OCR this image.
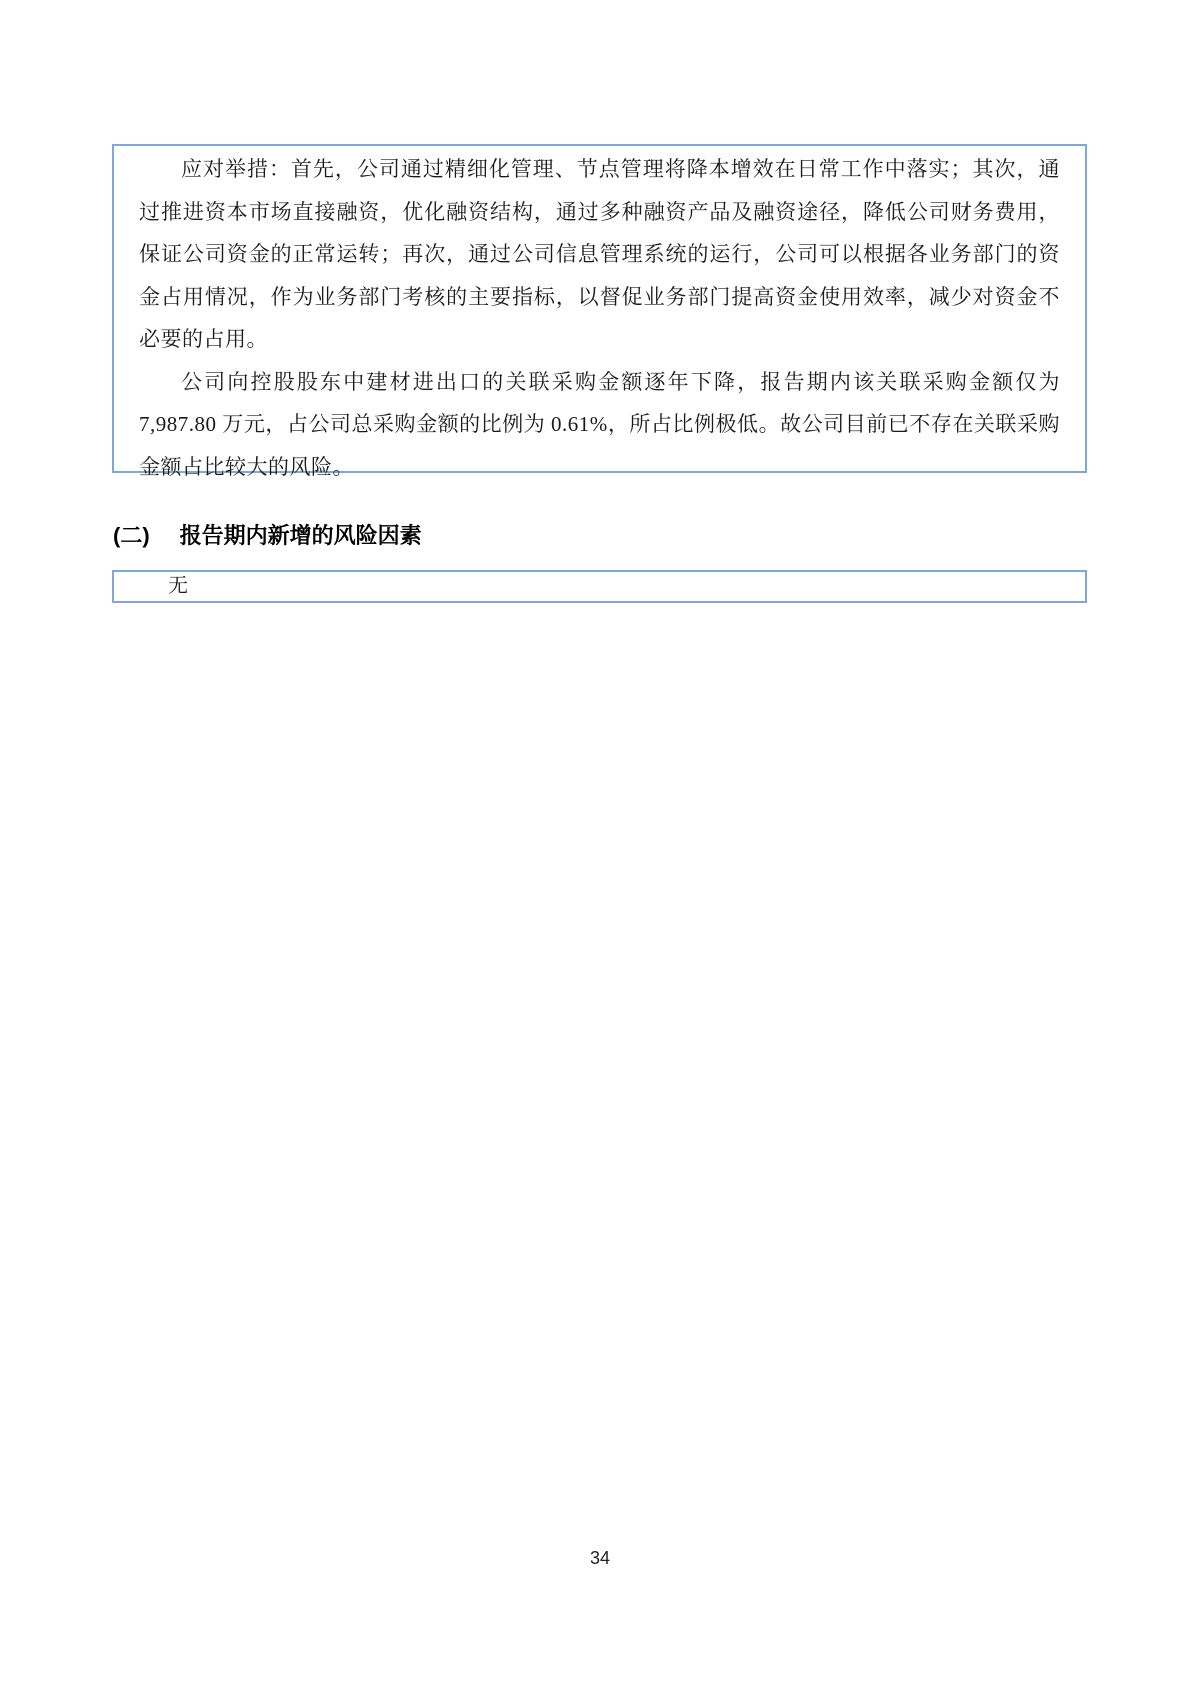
应对举措：首先，公司通过精细化管理、节点管理将降本增效在日常工作中落实；其次，通过推进资本市场直接融资，优化融资结构，通过多种融资产品及融资途径，降低公司财务费用，保证公司资金的正常运转；再次，通过公司信息管理系统的运行，公司可以根据各业务部门的资金占用情况，作为业务部门考核的主要指标，以督促业务部门提高资金使用效率，减少对资金不必要的占用。

公司向控股股东中建材进出口的关联采购金额逐年下降，报告期内该关联采购金额仅为 7,987.80 万元，占公司总采购金额的比例为 0.61%，所占比例极低。故公司目前已不存在关联采购金额占比较大的风险。

(二) 报告期内新增的风险因素
无
34
